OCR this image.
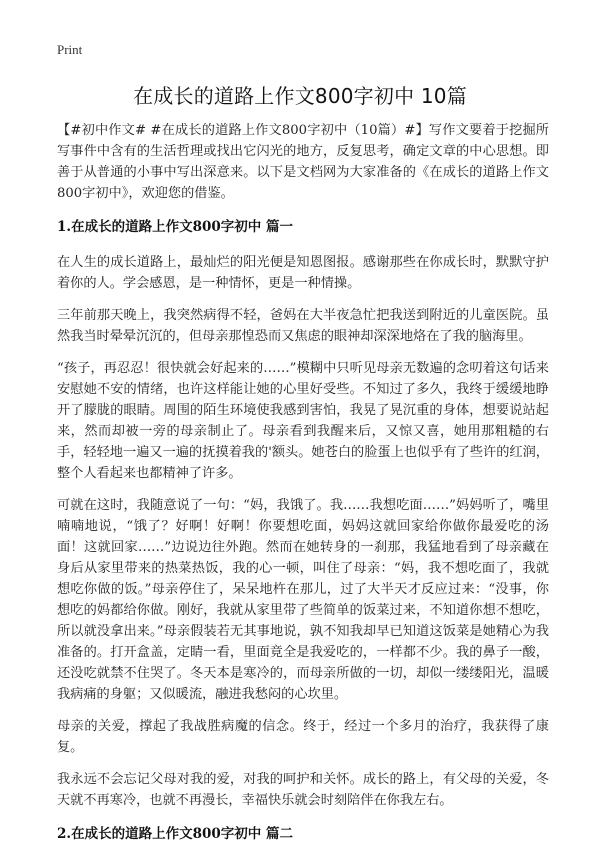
Print
在成长的道路上作文800字初中 10篇

【#初中作文# #在成长的道路上作文800字初中（10篇）#】写作文要着于挖掘所写事件中含有的生活哲理或找出它闪光的地方，反复思考，确定文章的中心思想。即善于从普通的小事中写出深意来。以下是文档网为大家准备的《在成长的道路上作文800字初中》，欢迎您的借鉴。

1.在成长的道路上作文800字初中 篇一

在人生的成长道路上，最灿烂的阳光便是知恩图报。感谢那些在你成长时，默默守护着你的人。学会感恩，是一种情怀，更是一种情操。

三年前那天晚上，我突然病得不轻，爸妈在大半夜急忙把我送到附近的儿童医院。虽然我当时晕晕沉沉的，但母亲那惶恐而又焦虑的眼神却深深地烙在了我的脑海里。

“孩子，再忍忍！很快就会好起来的……”模糊中只听见母亲无数遍的念叨着这句话来安慰她不安的情绪，也许这样能让她的心里好受些。不知过了多久，我终于缓缓地睁开了朦胧的眼睛。周围的陌生环境使我感到害怕，我晃了晃沉重的身体，想要说站起来，然而却被一旁的母亲制止了。母亲看到我醒来后，又惊又喜，她用那粗糙的右手，轻轻地一遍又一遍的抚摸着我的'额头。她苍白的脸蛋上也似乎有了些许的红润，整个人看起来也都精神了许多。

可就在这时，我随意说了一句：“妈，我饿了。我……我想吃面……”妈妈听了，嘴里喃喃地说，“饿了？好啊！好啊！你要想吃面，妈妈这就回家给你做你最爱吃的汤面！这就回家……”边说边往外跑。然而在她转身的一刹那，我猛地看到了母亲藏在身后从家里带来的热菜热饭，我的心一顿，叫住了母亲：“妈，我不想吃面了，我就想吃你做的饭。”母亲停住了，呆呆地杵在那儿，过了大半天才反应过来：“没事，你想吃的妈都给你做。刚好，我就从家里带了些简单的饭菜过来，不知道你想不想吃，所以就没拿出来。”母亲假装若无其事地说，孰不知我却早已知道这饭菜是她精心为我准备的。打开盒盖，定睛一看，里面竟全是我爱吃的，一样都不少。我的鼻子一酸，还没吃就禁不住哭了。冬天本是寒冷的，而母亲所做的一切，却似一缕缕阳光，温暖我病痛的身躯；又似暖流，融进我愁闷的心坎里。

母亲的关爱，撑起了我战胜病魔的信念。终于，经过一个多月的治疗，我获得了康复。

我永远不会忘记父母对我的爱，对我的呵护和关怀。成长的路上，有父母的关爱，冬天就不再寒冷，也就不再漫长，幸福快乐就会时刻陪伴在你我左右。

2.在成长的道路上作文800字初中 篇二
